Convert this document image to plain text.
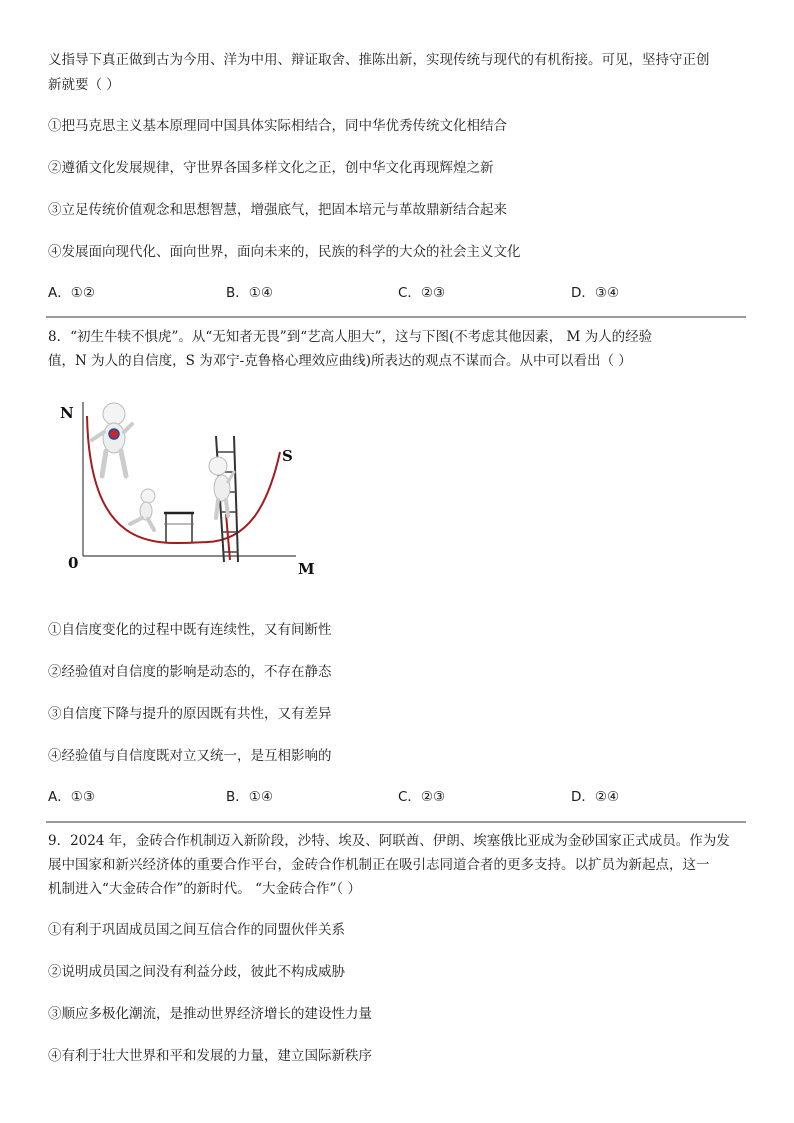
义指导下真正做到古为今用、洋为中用、辩证取舍、推陈出新，实现传统与现代的有机衔接。可见，坚持守正创
新就要（ ）
①把马克思主义基本原理同中国具体实际相结合，同中华优秀传统文化相结合
②遵循文化发展规律，守世界各国多样文化之正，创中华文化再现辉煌之新
③立足传统价值观念和思想智慧，增强底气，把固本培元与革故鼎新结合起来
④发展面向现代化、面向世界，面向未来的，民族的科学的大众的社会主义文化
A．①②	B．①④	C．②③	D．③④
8．“初生牛犊不惧虎”。从“无知者无畏”到“艺高人胆大”，这与下图(不考虑其他因素， M 为人的经验
值，N 为人的自信度，S 为邓宁-克鲁格心理效应曲线)所表达的观点不谋而合。从中可以看出（ ）
N
M
0
S
①自信度变化的过程中既有连续性，又有间断性
②经验值对自信度的影响是动态的，不存在静态
③自信度下降与提升的原因既有共性，又有差异
④经验值与自信度既对立又统一，是互相影响的
A．①③	B．①④	C．②③	D．②④
9．2024 年，金砖合作机制迈入新阶段，沙特、埃及、阿联酋、伊朗、埃塞俄比亚成为金砂国家正式成员。作为发
展中国家和新兴经济体的重要合作平台，金砖合作机制正在吸引志同道合者的更多支持。以扩员为新起点，这一
机制进入“大金砖合作”的新时代。 “大金砖合作”（ ）
①有利于巩固成员国之间互信合作的同盟伙伴关系
②说明成员国之间没有利益分歧，彼此不构成威胁
③顺应多极化潮流，是推动世界经济增长的建设性力量
④有利于壮大世界和平和发展的力量，建立国际新秩序
